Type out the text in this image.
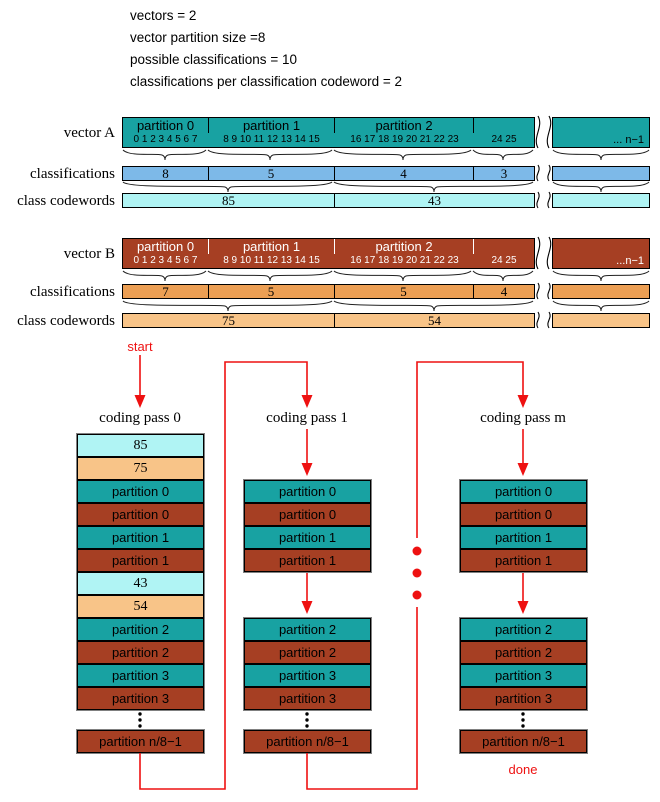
vectors = 2
vector partition size =8
possible classifications = 10
classifications per classification codeword = 2
vector A
classifications
class codewords
partition 0	partition 1	partition 2
0 1 2 3 4 5 6 7	8 9 10 11 12 13 14 15	16 17 18 19 20 21 22 23	24 25	... n−1
8	5	4	3
85	43
vector B
classifications
class codewords
partition 0	partition 1	partition 2
0 1 2 3 4 5 6 7	8 9 10 11 12 13 14 15	16 17 18 19 20 21 22 23	24 25	...n−1
7	5	5	4
75	54
start
coding pass 0	coding pass 1	coding pass m
done
85
75
partition 0
partition 0
partition 1
partition 1
43
54
partition 2
partition 2
partition 3
partition 3
partition n/8−1
partition 0
partition 0
partition 1
partition 1
partition 2
partition 2
partition 3
partition 3
partition n/8−1
partition 0
partition 0
partition 1
partition 1
partition 2
partition 2
partition 3
partition 3
partition n/8−1
